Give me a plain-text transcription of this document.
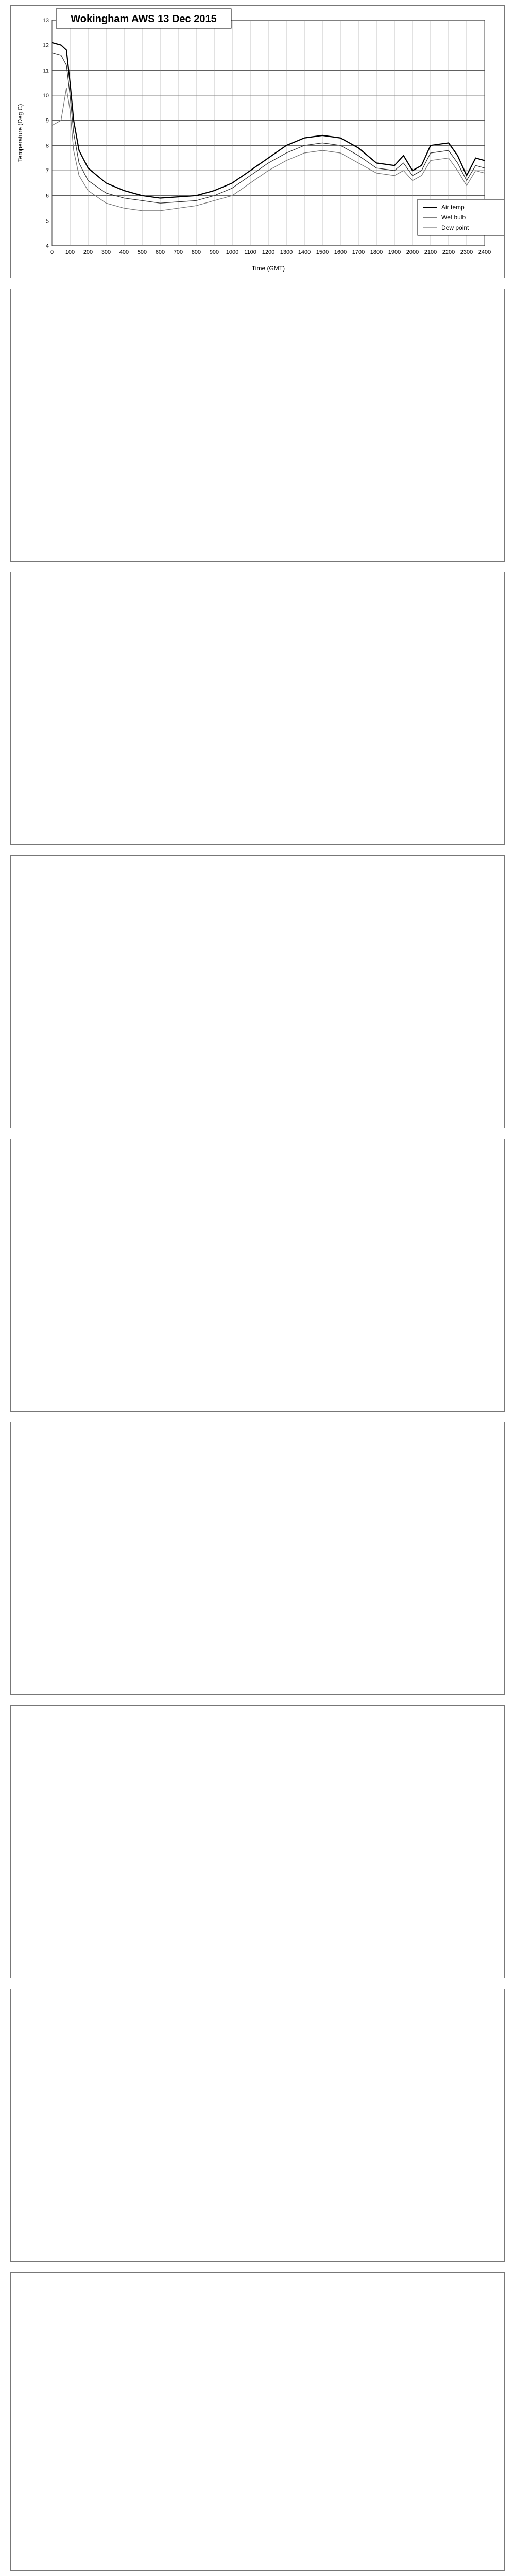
4
5
6
7
8
9
10
11
12
13
0 100 200 300 400 500 600 700 800 900 1000 1100 1200 1300 1400 1500 1600 1700 1800 1900 2000 2100 2200 2300 2400
Time (GMT)
Temperature (Deg C)
Wokingham AWS 13 Dec 2015
Air temp
Wet bulb
Dew point
